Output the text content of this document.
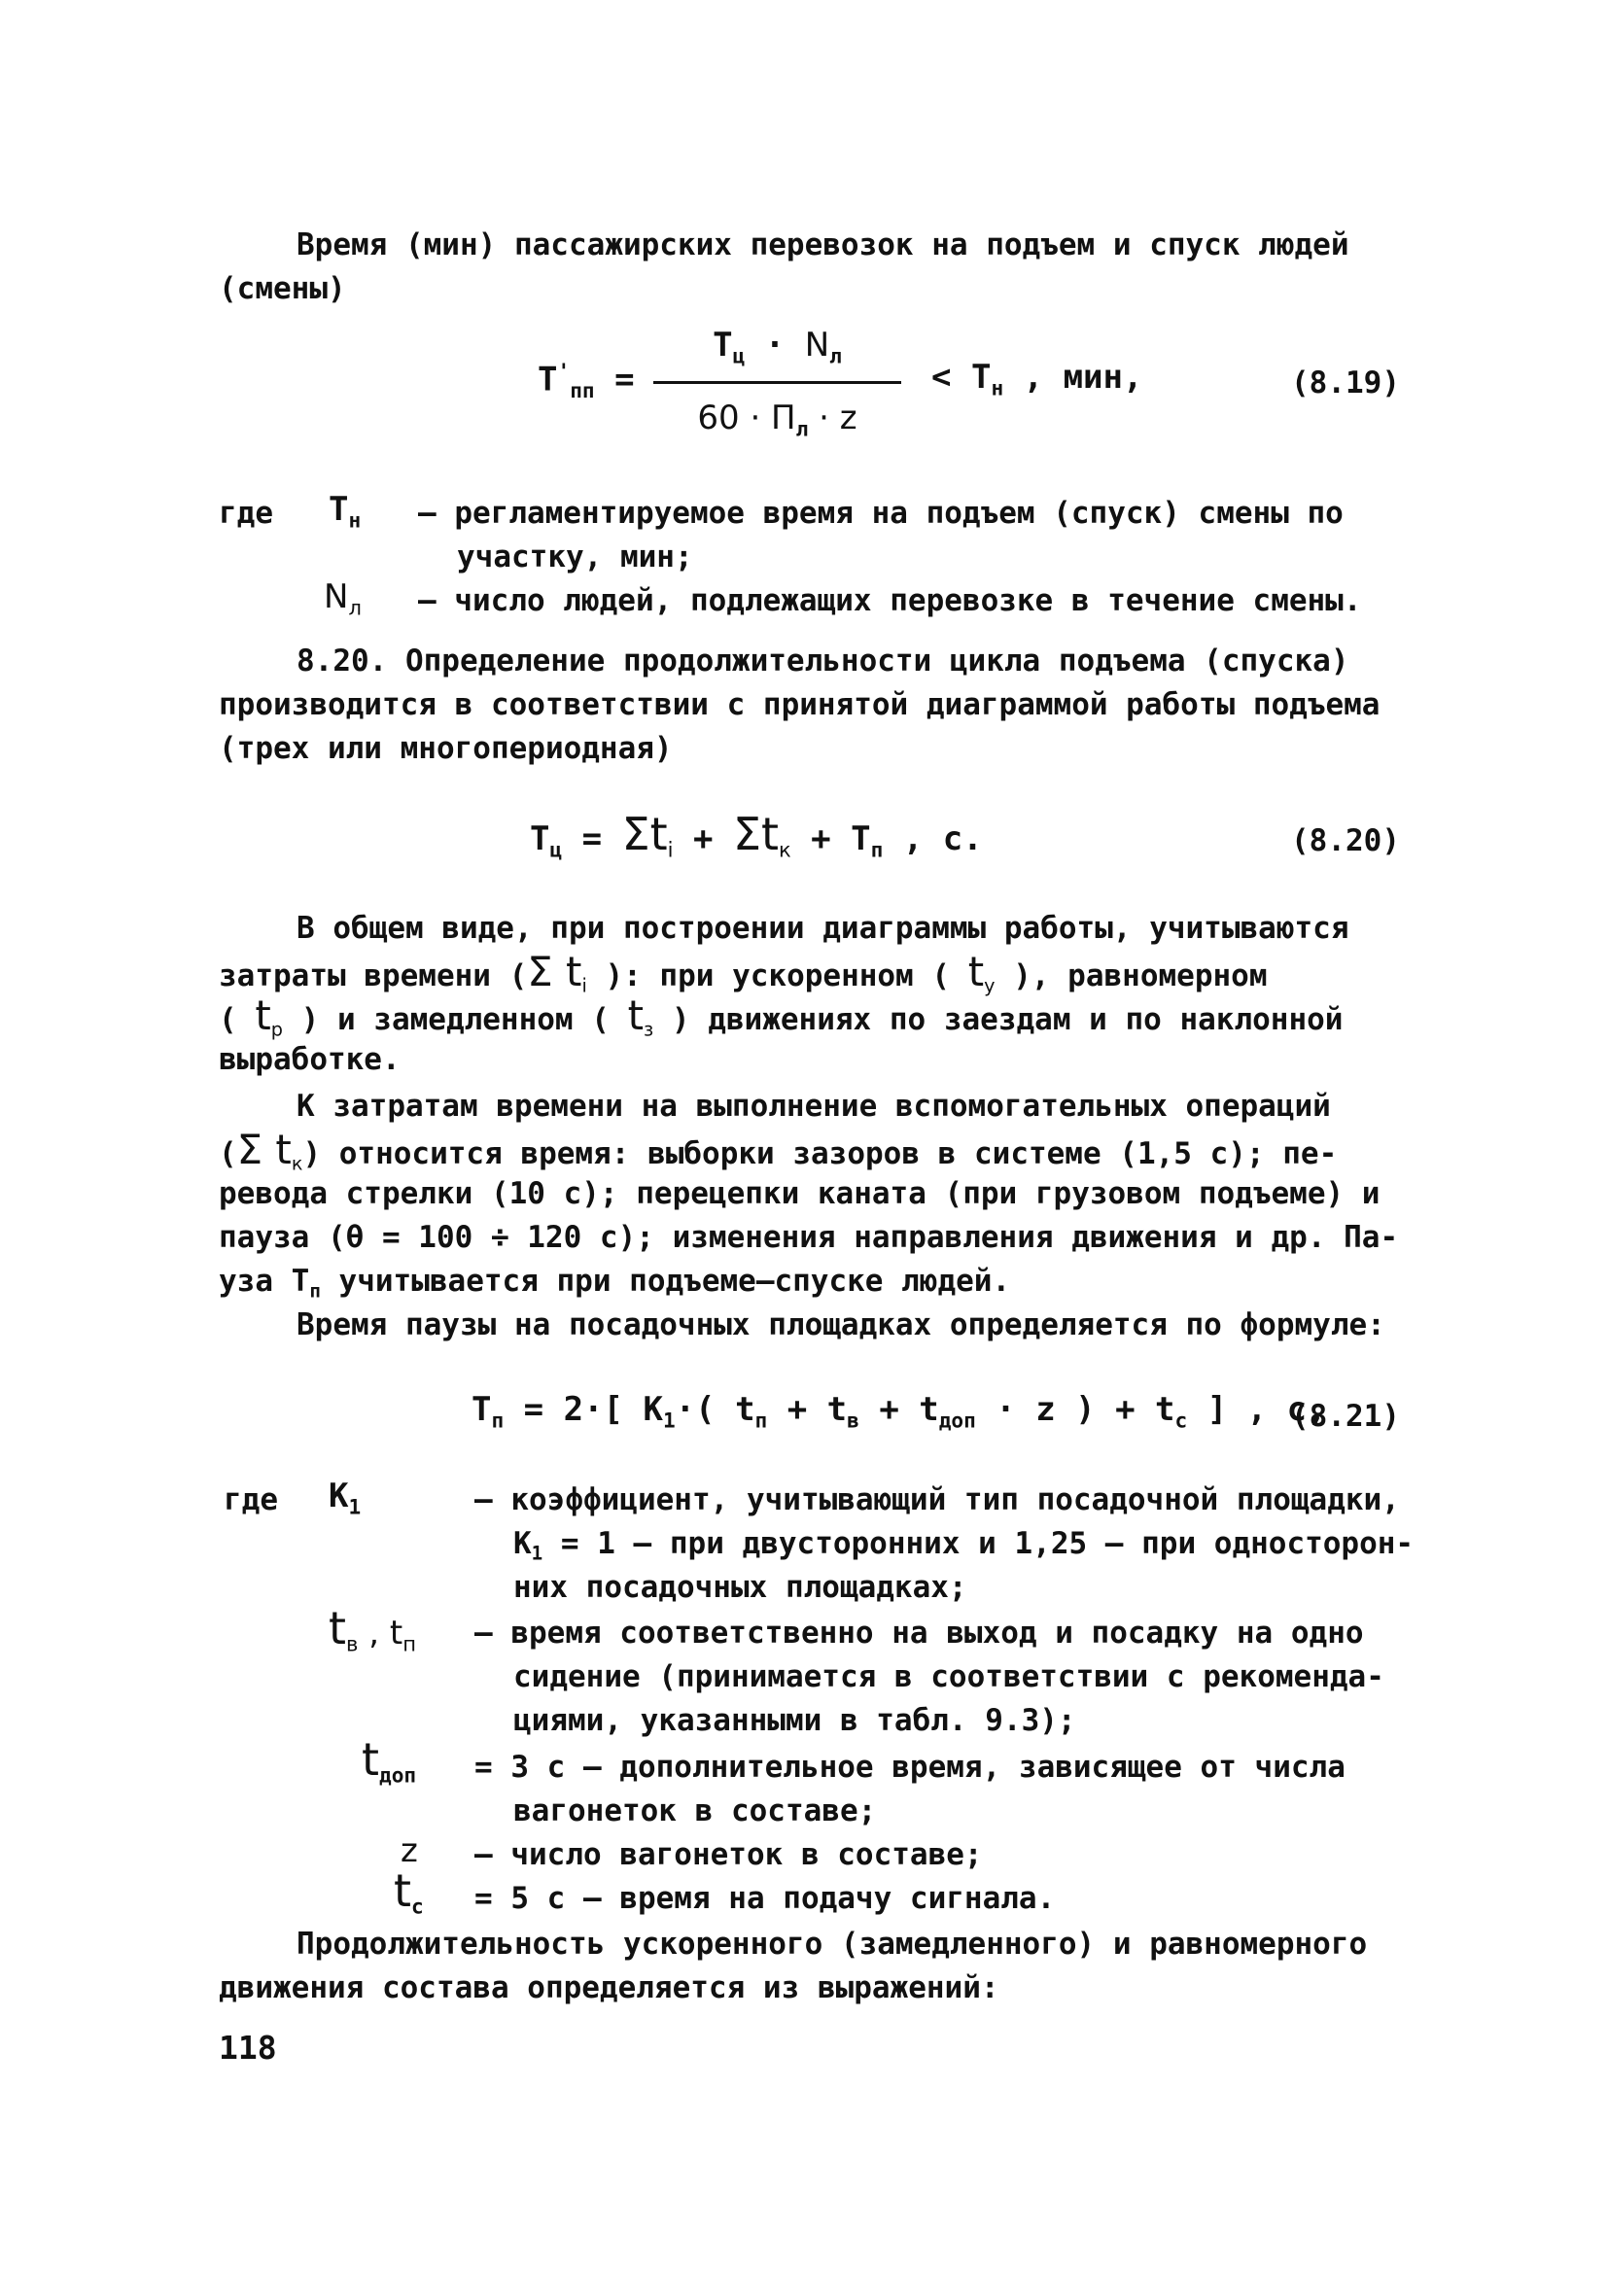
Время (мин) пассажирских перевозок на подъем и спуск людей
(смены)
$T'_{пп}$ =
$T_ц \cdot N_л$
$60 \cdot П_л \cdot z$
< $T_н$ , мин,	(8.19)
где $T_н$ – регламентируемое время на подъем (спуск) смены по
участку, мин;
$N_л$ – число людей, подлежащих перевозке в течение смены.
8.20. Определение продолжительности цикла подъема (спуска)
производится в соответствии с принятой диаграммой работы подъема
(трех или многопериодная)
$T_ц = \Sigma t_i + \Sigma t_к + T_п$ , c.	(8.20)
В общем виде, при построении диаграммы работы, учитываются
затраты времени (Σ $t_i$ ): при ускоренном ( $t_y$ ), равномерном
( $t_р$ ) и замедленном ( $t_з$ ) движениях по заездам и по наклонной
выработке.
К затратам времени на выполнение вспомогательных операций
(Σ $t_к$) относится время: выборки зазоров в системе (1,5 c); пе-
ревода стрелки (10 c); перецепки каната (при грузовом подъеме) и
пауза (θ = 100 ÷ 120 c); изменения направления движения и др. Па-
уза $T_п$ учитывается при подъеме–спуске людей.
Время паузы на посадочных площадках определяется по формуле:
$T_п = 2\cdot$[ $K_1\cdot$( $t_п + t_в + t_{доп} \cdot z$ ) + $t_c$ ] , c,
(8.21)
где $K_1$	– коэффициент, учитывающий тип посадочной площадки,
$K_1 = 1$ – при двусторонних и 1,25 – при односторон-
них посадочных площадках;
$t_в$ , $t_п$ – время соответственно на выход и посадку на одно
сидение (принимается в соответствии с рекоменда-
циями, указанными в табл. 9.3);
$t_{доп} = 3$ c – дополнительное время, зависящее от числа
вагонеток в составе;
z – число вагонеток в составе;
$t_c = 5$ c – время на подачу сигнала.
Продолжительность ускоренного (замедленного) и равномерного
движения состава определяется из выражений:
118
